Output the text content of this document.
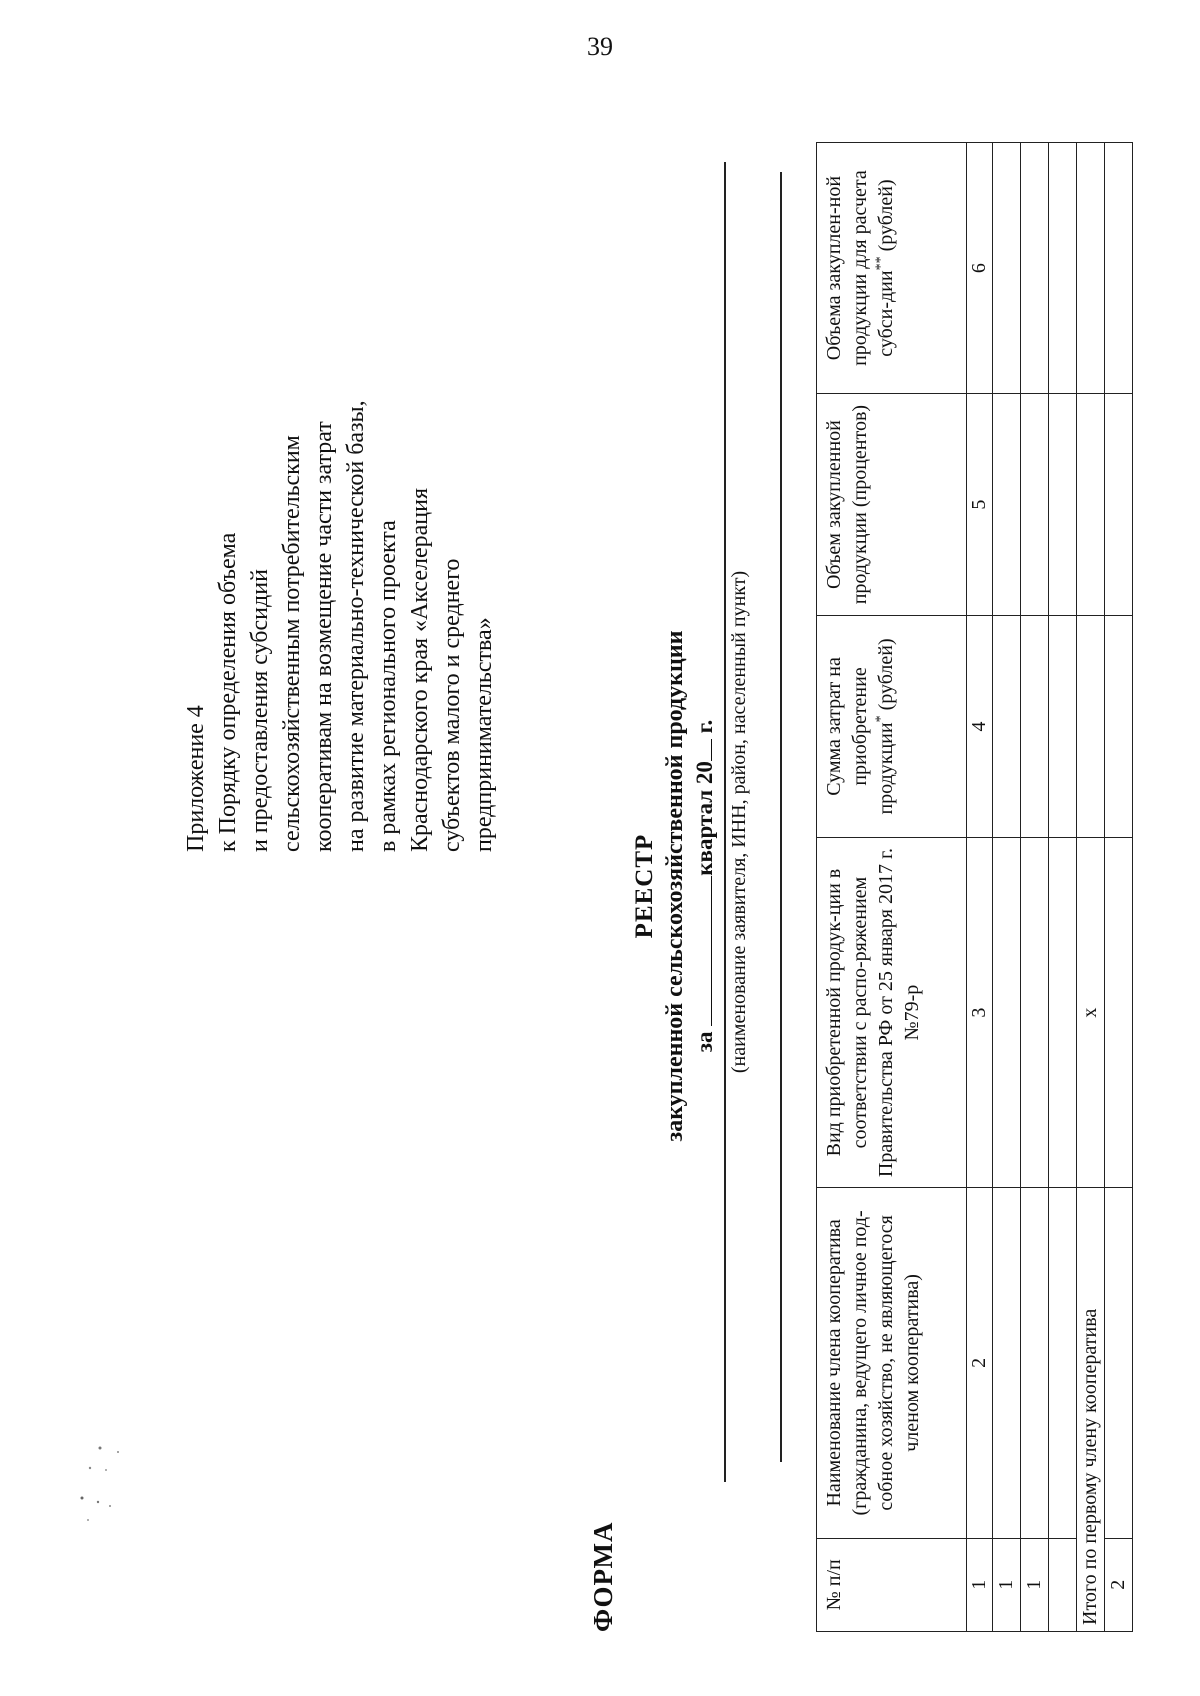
39
ФОРМА
Приложение 4 к Порядку определения объема и предоставления субсидий сельскохозяйственным потребительским кооперативам на возмещение части затрат на развитие материально-технической базы, в рамках регионального проекта Краснодарского края «Акселерация субъектов малого и среднего предпринимательства»
РЕЕСТР закупленной сельскохозяйственной продукции за квартал 20 г. (наименование заявителя, ИНН, район, населенный пункт)
№ п/п	Наименование члена кооператива (гражданина, ведущего личное под-собное хозяйство, не являющегося членом кооператива)	Вид приобретенной продук-ции в соответствии с распо-ряжением Правительства РФ от 25 января 2017 г. №79-р	Сумма затрат на приобретение продукции* (рублей)	Объем закупленной продукции (процентов)	Объема закуплен-ной продукции для расчета субси-дии** (рублей)
1	2	3	4	5	6
1					
1					

Итого по первому члену кооператива		х			
2					
